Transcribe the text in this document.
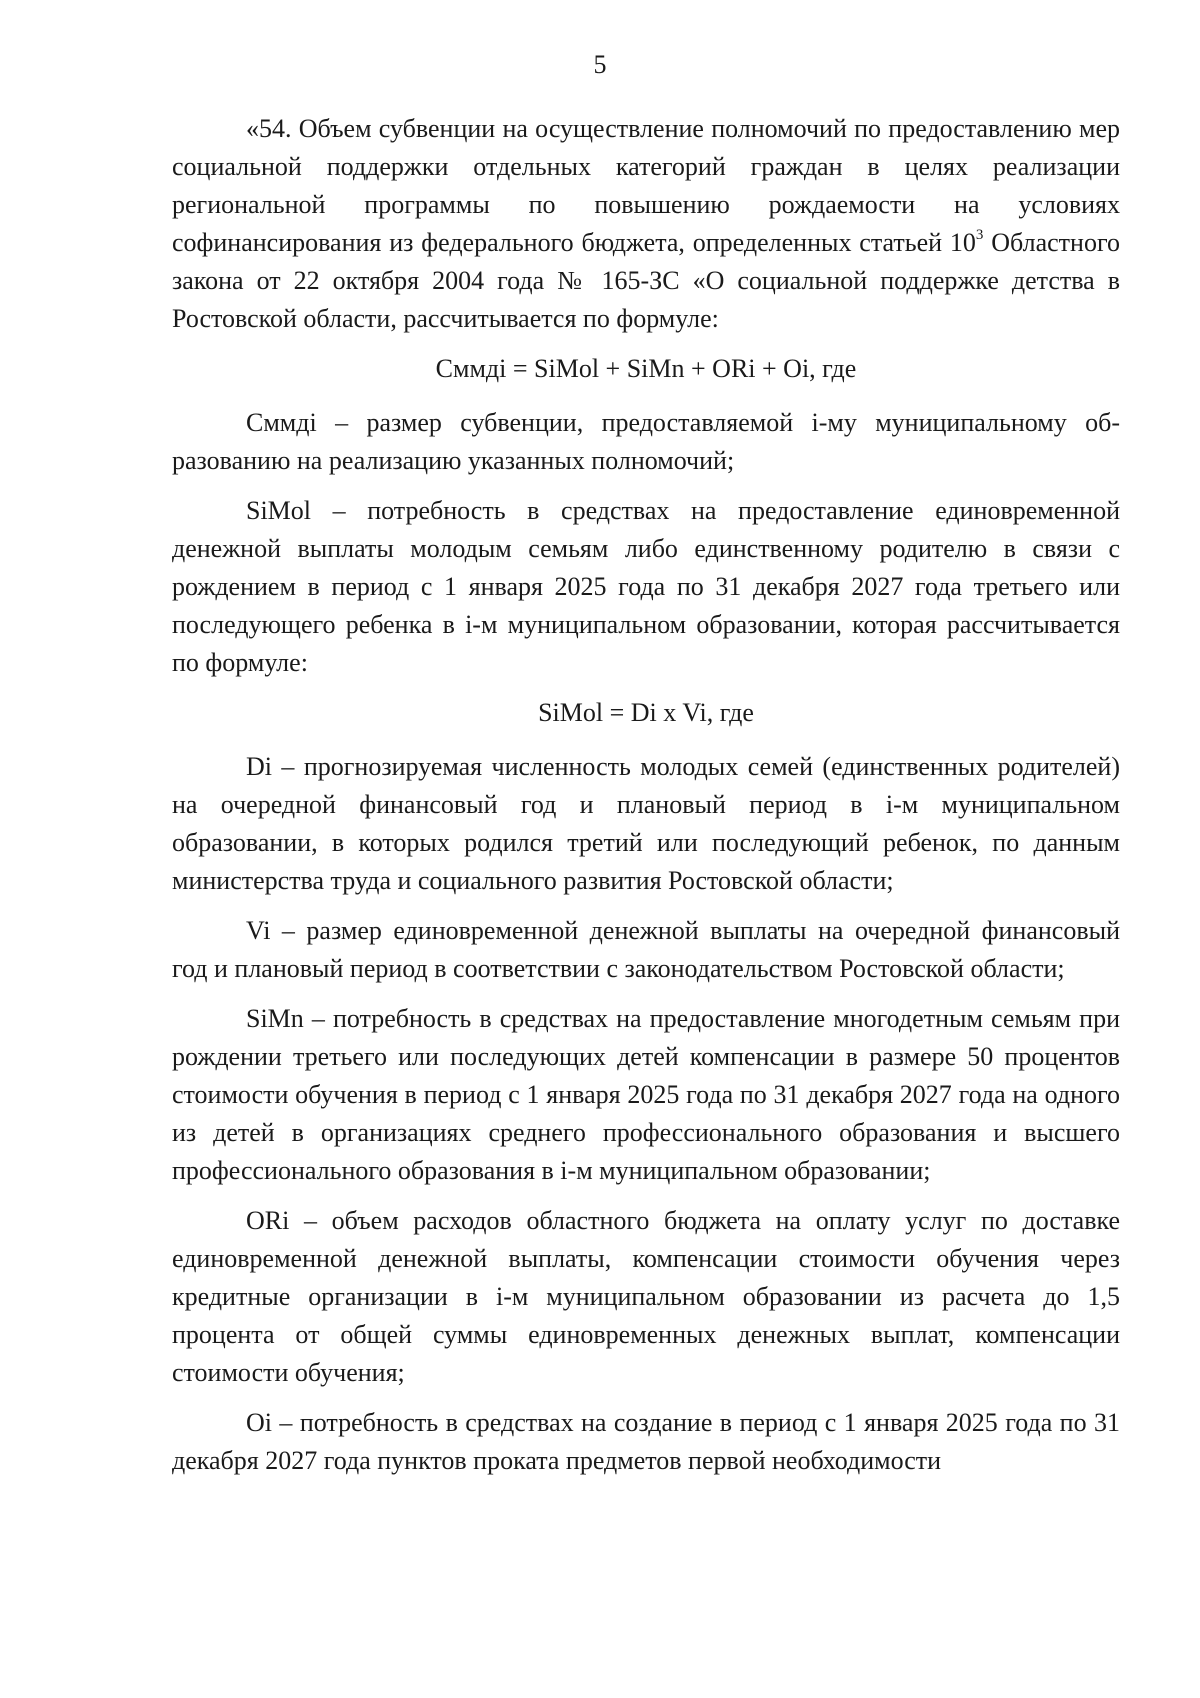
5

«54. Объем субвенции на осуществление полномочий по предоставлению мер социальной поддержки отдельных категорий граждан в целях реализации региональной программы по повышению рождаемости на условиях софинансирования из федерального бюджета, определенных статьей $10^3$ Областного закона от 22 октября 2004 года № 165-ЗС «О социальной поддержке детства в Ростовской области, рассчитывается по формуле:

Сммдi = SiMol + SiMn + ORi + Oi, где

Сммдi – размер субвенции, предоставляемой i-му муниципальному образованию на реализацию указанных полномочий;

SiMol – потребность в средствах на предоставление единовременной денежной выплаты молодым семьям либо единственному родителю в связи с рождением в период с 1 января 2025 года по 31 декабря 2027 года третьего или последующего ребенка в i-м муниципальном образовании, которая рассчитывается по формуле:

SiMol = Di x Vi, где

Di – прогнозируемая численность молодых семей (единственных родителей) на очередной финансовый год и плановый период в i-м муниципальном образовании, в которых родился третий или последующий ребенок, по данным министерства труда и социального развития Ростовской области;

Vi – размер единовременной денежной выплаты на очередной финансовый год и плановый период в соответствии с законодательством Ростовской области;

SiMn – потребность в средствах на предоставление многодетным семьям при рождении третьего или последующих детей компенсации в размере 50 процентов стоимости обучения в период с 1 января 2025 года по 31 декабря 2027 года на одного из детей в организациях среднего профессионального образования и высшего профессионального образования в i-м муниципальном образовании;

ORi – объем расходов областного бюджета на оплату услуг по доставке единовременной денежной выплаты, компенсации стоимости обучения через кредитные организации в i-м муниципальном образовании из расчета до 1,5 процента от общей суммы единовременных денежных выплат, компенсации стоимости обучения;

Oi – потребность в средствах на создание в период с 1 января 2025 года по 31 декабря 2027 года пунктов проката предметов первой необходимости
